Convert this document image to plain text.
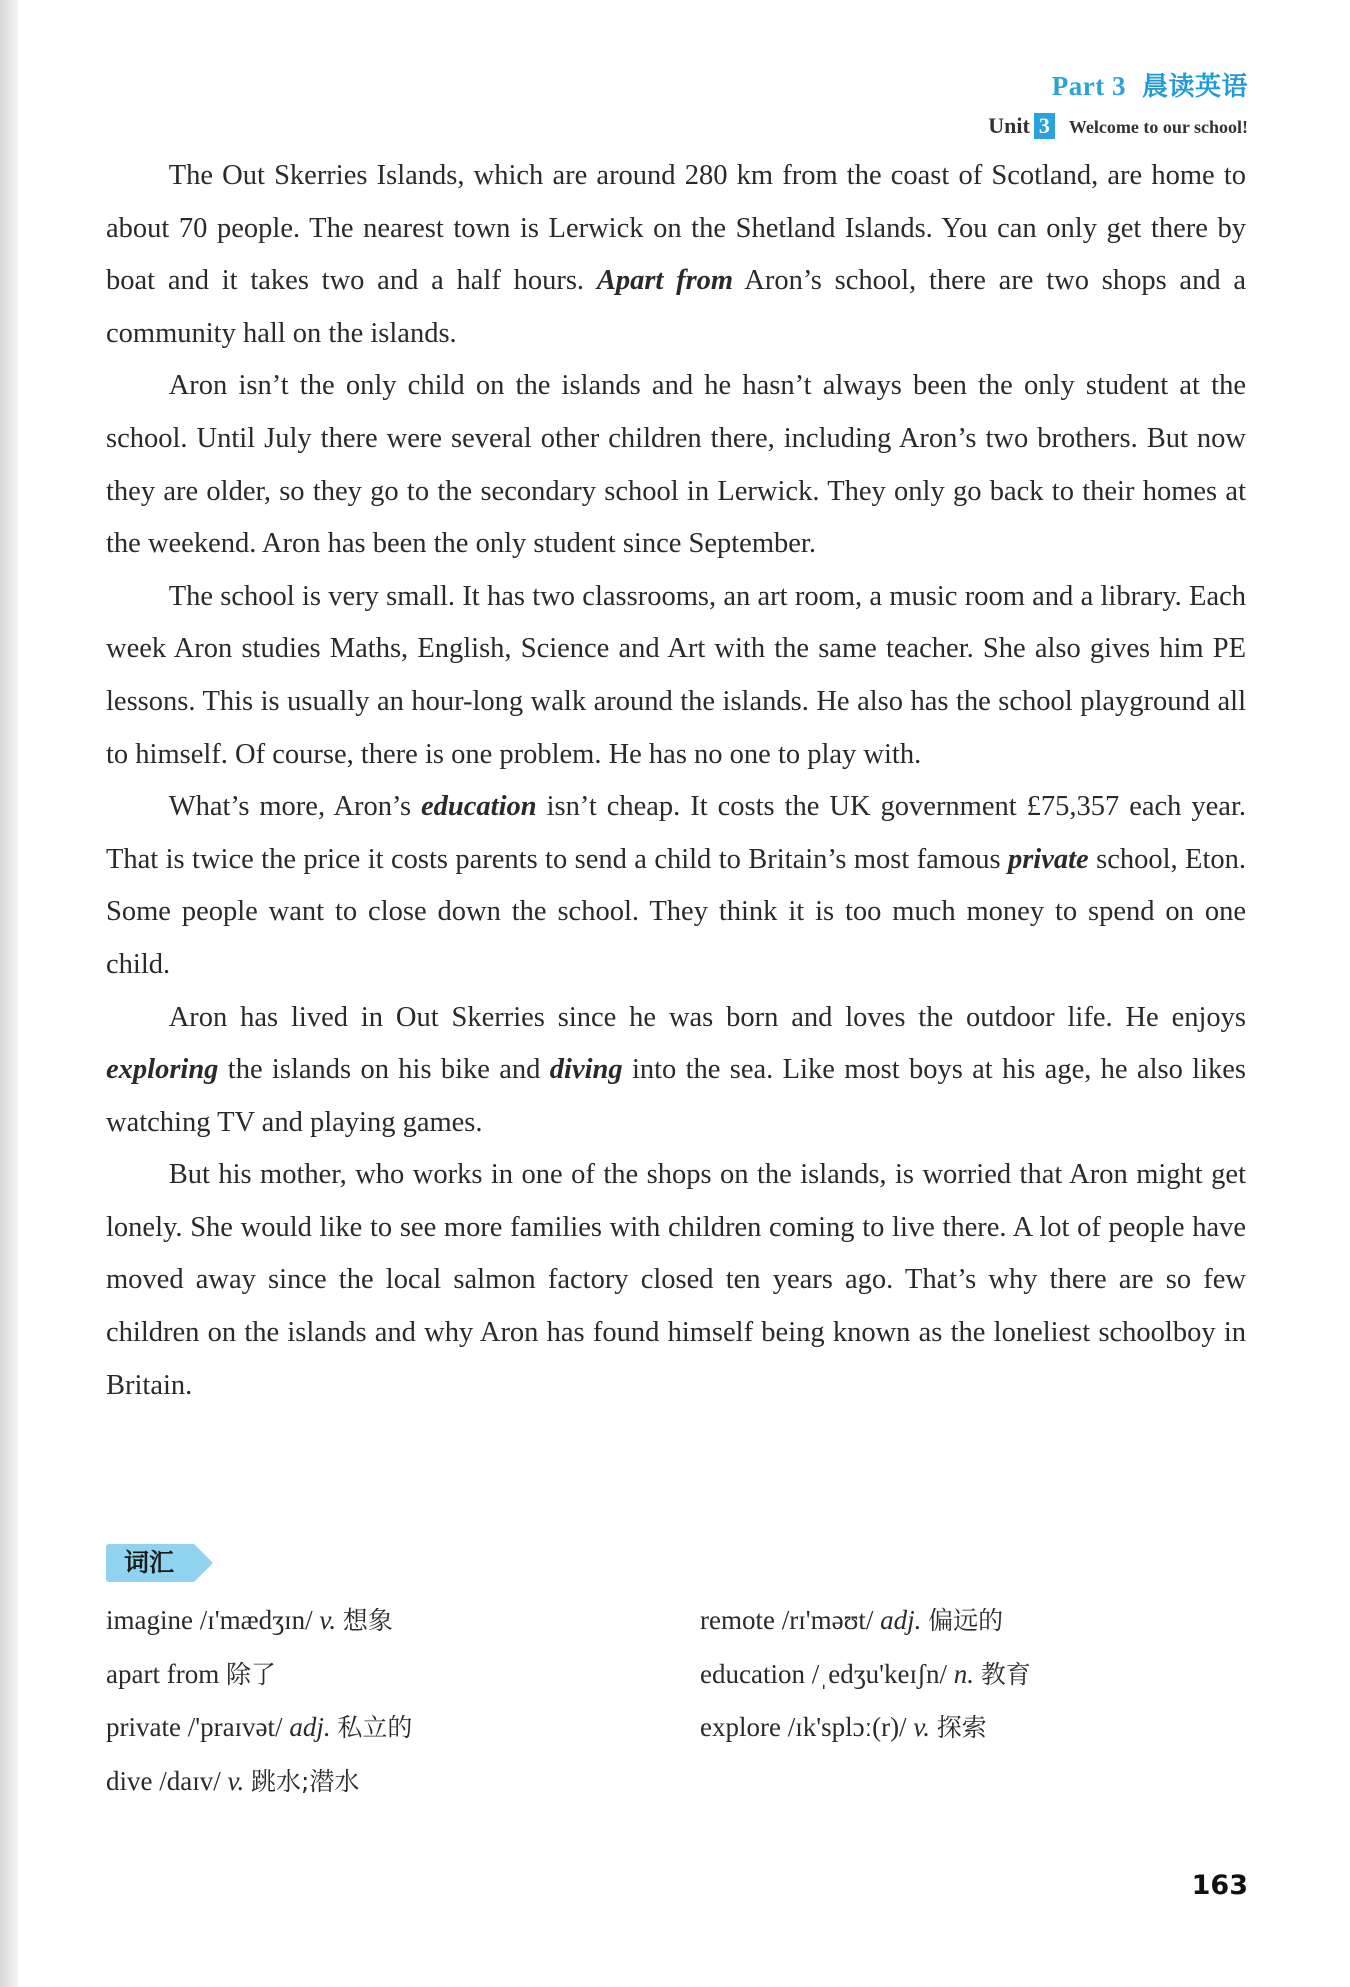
Part 3 晨读英语
Unit 3 Welcome to our school!

The Out Skerries Islands, which are around 280 km from the coast of Scotland, are home to about 70 people. The nearest town is Lerwick on the Shetland Islands. You can only get there by boat and it takes two and a half hours. Apart from Aron’s school, there are two shops and a community hall on the islands.

Aron isn’t the only child on the islands and he hasn’t always been the only student at the school. Until July there were several other children there, including Aron’s two brothers. But now they are older, so they go to the secondary school in Lerwick. They only go back to their homes at the weekend. Aron has been the only student since September.

The school is very small. It has two classrooms, an art room, a music room and a library. Each week Aron studies Maths, English, Science and Art with the same teacher. She also gives him PE lessons. This is usually an hour-long walk around the islands. He also has the school playground all to himself. Of course, there is one problem. He has no one to play with.

What’s more, Aron’s education isn’t cheap. It costs the UK government £75,357 each year. That is twice the price it costs parents to send a child to Britain’s most famous private school, Eton. Some people want to close down the school. They think it is too much money to spend on one child.

Aron has lived in Out Skerries since he was born and loves the outdoor life. He enjoys exploring the islands on his bike and diving into the sea. Like most boys at his age, he also likes watching TV and playing games.

But his mother, who works in one of the shops on the islands, is worried that Aron might get lonely. She would like to see more families with children coming to live there. A lot of people have moved away since the local salmon factory closed ten years ago. That’s why there are so few children on the islands and why Aron has found himself being known as the loneliest schoolboy in Britain.

词汇
imagine /ɪ'mædʒɪn/ v. 想象	remote /rɪ'məʊt/ adj. 偏远的
apart from 除了	education /ˌedʒu'keɪʃn/ n. 教育
private /'praɪvət/ adj. 私立的	explore /ɪk'splɔː(r)/ v. 探索
dive /daɪv/ v. 跳水;潜水
163
